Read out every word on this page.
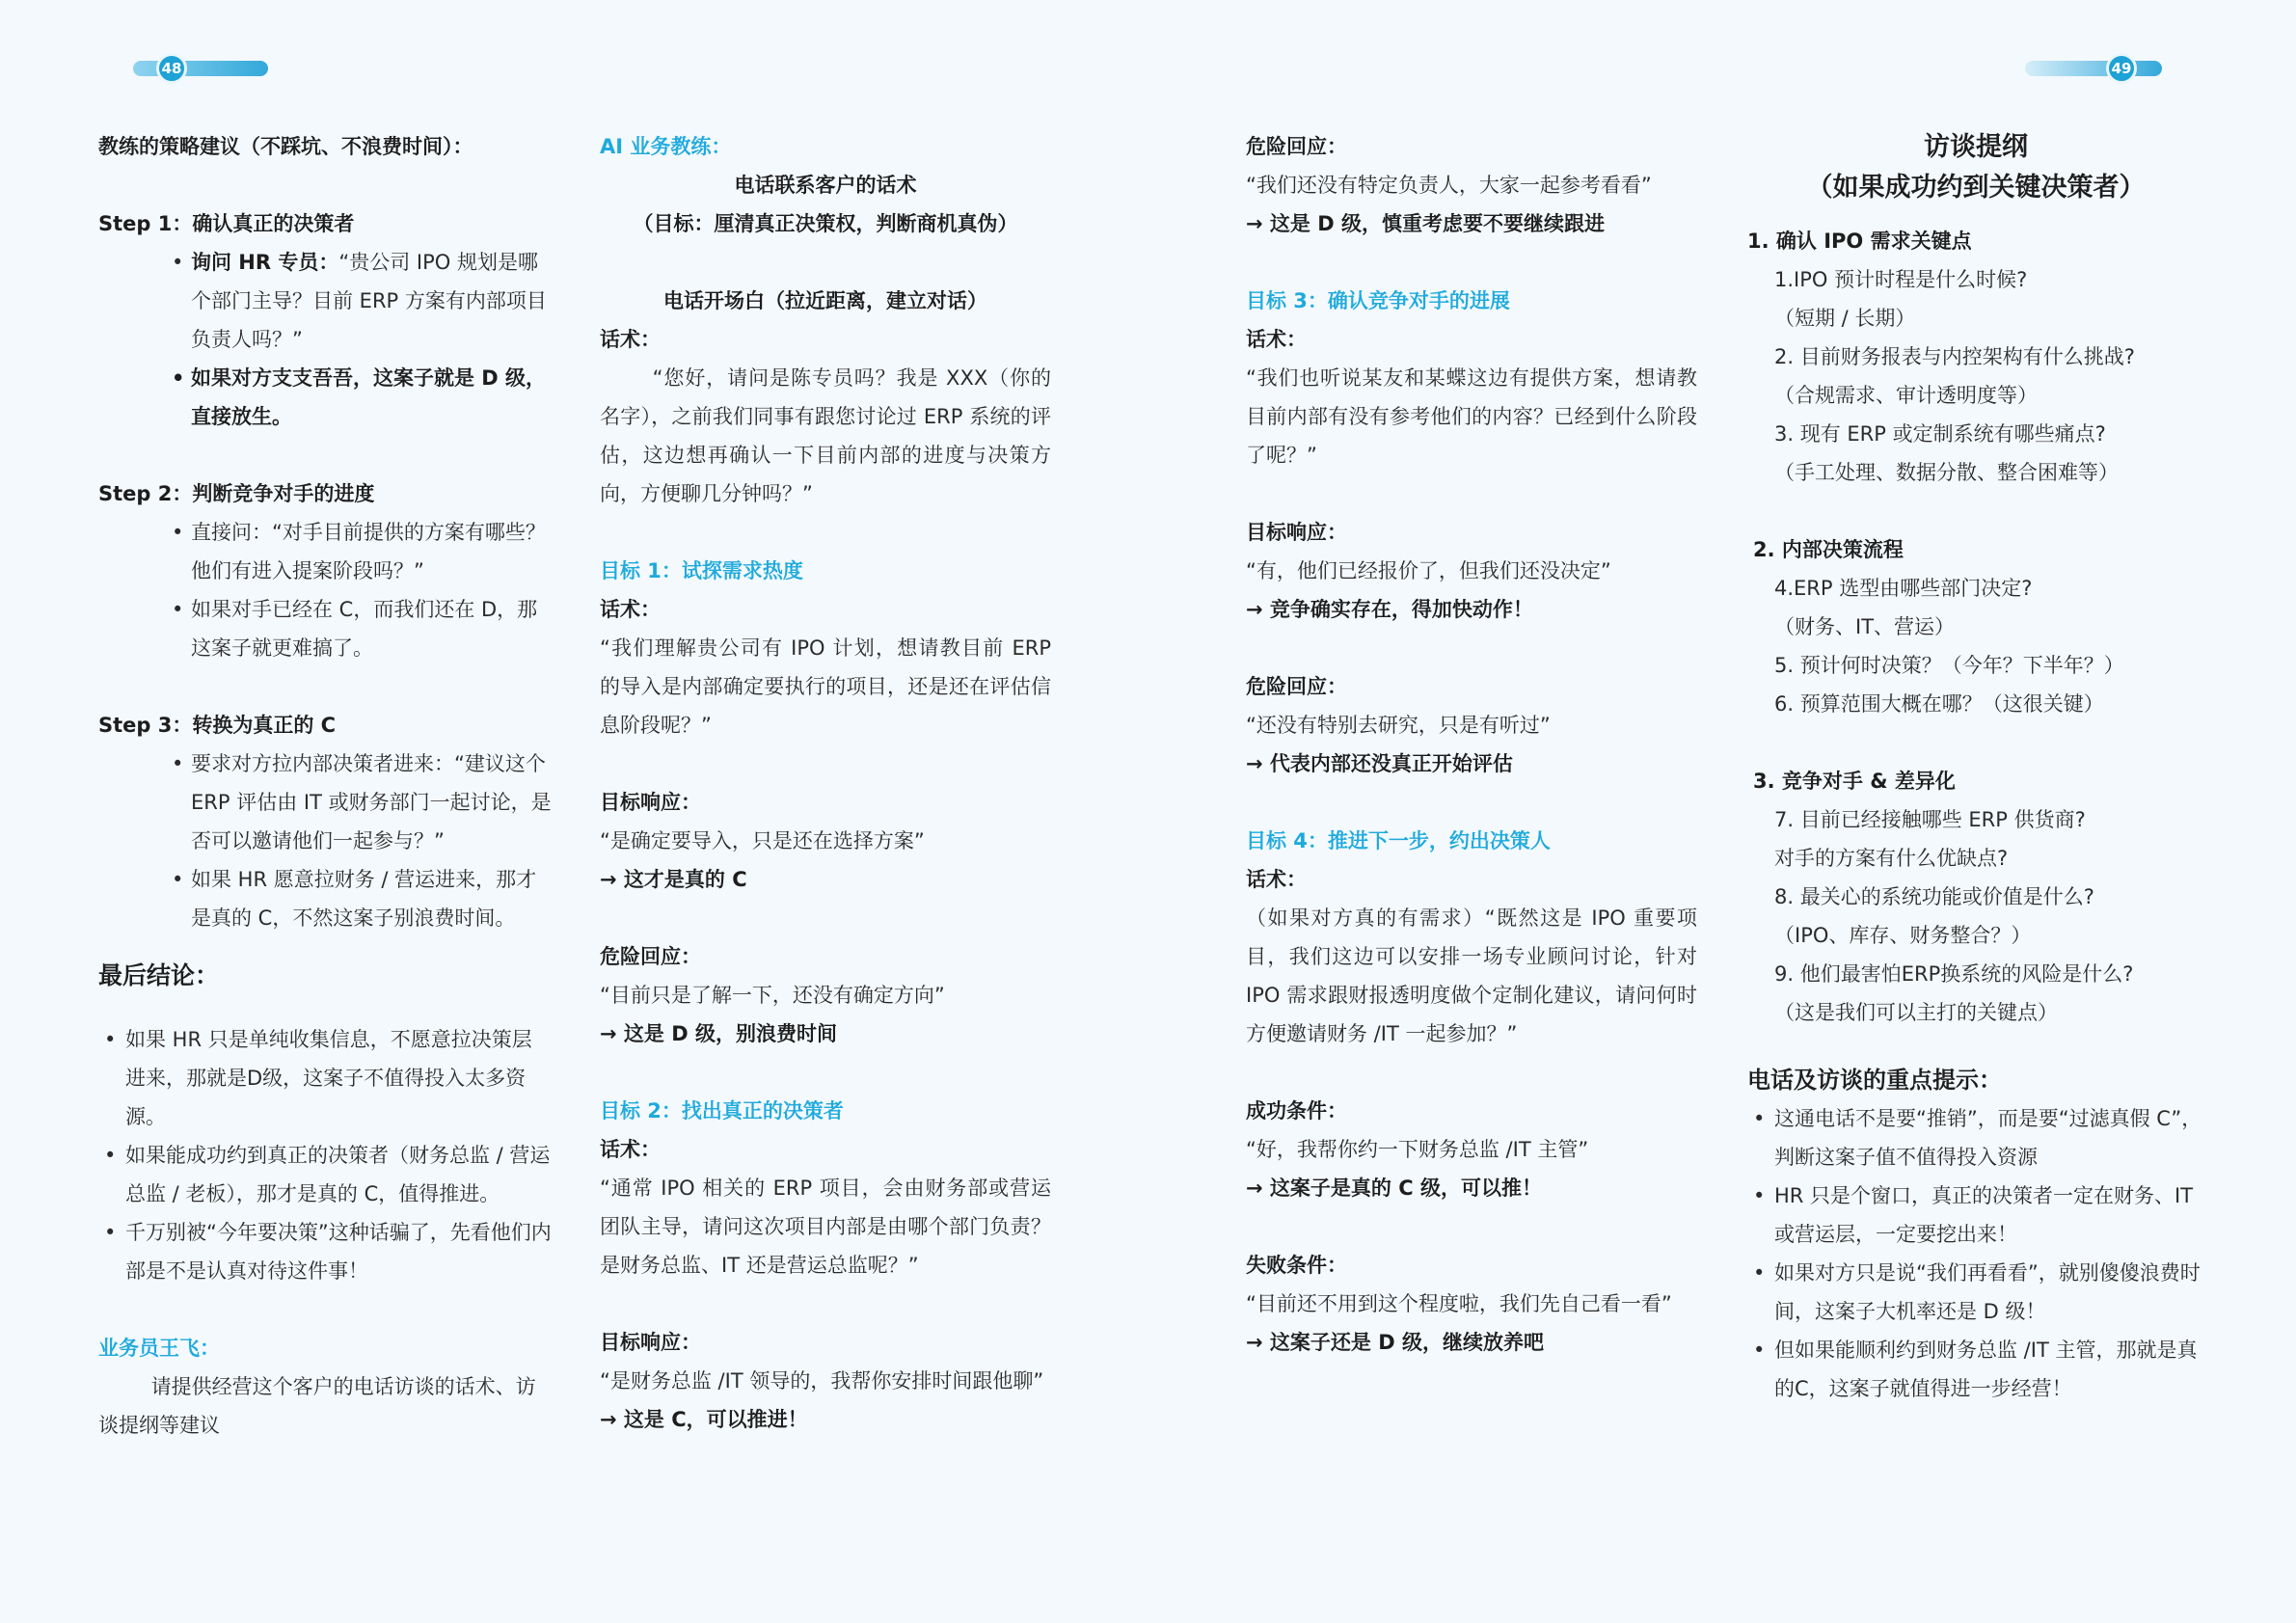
48	49
教练的策略建议（不踩坑、不浪费时间）：
Step 1：确认真正的决策者
• 询问 HR 专员：“贵公司 IPO 规划是哪个部门主导？目前 ERP 方案有内部项目负责人吗？”
• 如果对方支支吾吾，这案子就是 D 级，直接放生。
Step 2：判断竞争对手的进度
• 直接问：“对手目前提供的方案有哪些？他们有进入提案阶段吗？”
• 如果对手已经在 C，而我们还在 D，那这案子就更难搞了。
Step 3：转换为真正的 C
• 要求对方拉内部决策者进来：“建议这个ERP 评估由 IT 或财务部门一起讨论，是否可以邀请他们一起参与？”
• 如果 HR 愿意拉财务 / 营运进来，那才是真的 C，不然这案子别浪费时间。
最后结论：
• 如果 HR 只是单纯收集信息，不愿意拉决策层进来，那就是D级，这案子不值得投入太多资源。
• 如果能成功约到真正的决策者（财务总监 / 营运总监 / 老板），那才是真的 C，值得推进。
• 千万别被“今年要决策”这种话骗了，先看他们内部是不是认真对待这件事！
业务员王飞：
请提供经营这个客户的电话访谈的话术、访谈提纲等建议
AI 业务教练：
电话联系客户的话术
（目标：厘清真正决策权，判断商机真伪）
电话开场白（拉近距离，建立对话）
话术：
“您好，请问是陈专员吗？我是 XXX（你的名字），之前我们同事有跟您讨论过 ERP 系统的评估，这边想再确认一下目前内部的进度与决策方向，方便聊几分钟吗？”
目标 1：试探需求热度
话术：
“我们理解贵公司有 IPO 计划，想请教目前 ERP 的导入是内部确定要执行的项目，还是还在评估信息阶段呢？”
目标响应：
“是确定要导入，只是还在选择方案”
→ 这才是真的 C
危险回应：
“目前只是了解一下，还没有确定方向”
→ 这是 D 级，别浪费时间
目标 2：找出真正的决策者
话术：
“通常 IPO 相关的 ERP 项目，会由财务部或营运团队主导，请问这次项目内部是由哪个部门负责？是财务总监、IT 还是营运总监呢？”
目标响应：
“是财务总监 /IT 领导的，我帮你安排时间跟他聊”
→ 这是 C，可以推进！
危险回应：
“我们还没有特定负责人，大家一起参考看看”
→ 这是 D 级，慎重考虑要不要继续跟进
目标 3：确认竞争对手的进展
话术：
“我们也听说某友和某蝶这边有提供方案，想请教目前内部有没有参考他们的内容？已经到什么阶段了呢？”
目标响应：
“有，他们已经报价了，但我们还没决定”
→ 竞争确实存在，得加快动作！
危险回应：
“还没有特别去研究，只是有听过”
→ 代表内部还没真正开始评估
目标 4：推进下一步，约出决策人
话术：
（如果对方真的有需求）“既然这是 IPO 重要项目，我们这边可以安排一场专业顾问讨论，针对 IPO 需求跟财报透明度做个定制化建议，请问何时方便邀请财务 /IT 一起参加？”
成功条件：
“好，我帮你约一下财务总监 /IT 主管”
→ 这案子是真的 C 级，可以推！
失败条件：
“目前还不用到这个程度啦，我们先自己看一看”
→ 这案子还是 D 级，继续放养吧
访谈提纲
（如果成功约到关键决策者）
1. 确认 IPO 需求关键点
1.IPO 预计时程是什么时候?
（短期 / 长期）
2. 目前财务报表与内控架构有什么挑战?
（合规需求、审计透明度等）
3. 现有 ERP 或定制系统有哪些痛点?
（手工处理、数据分散、整合困难等）
2. 内部决策流程
4.ERP 选型由哪些部门决定?
（财务、IT、营运）
5. 预计何时决策？（今年？下半年？）
6. 预算范围大概在哪？（这很关键）
3. 竞争对手 & 差异化
7. 目前已经接触哪些 ERP 供货商?
对手的方案有什么优缺点?
8. 最关心的系统功能或价值是什么?
（IPO、库存、财务整合？）
9. 他们最害怕ERP换系统的风险是什么?
（这是我们可以主打的关键点）
电话及访谈的重点提示：
• 这通电话不是要“推销”，而是要“过滤真假 C”，判断这案子值不值得投入资源
• HR 只是个窗口，真正的决策者一定在财务、IT 或营运层，一定要挖出来！
• 如果对方只是说“我们再看看”，就别傻傻浪费时间，这案子大机率还是 D 级！
• 但如果能顺利约到财务总监 /IT 主管，那就是真的C，这案子就值得进一步经营！
